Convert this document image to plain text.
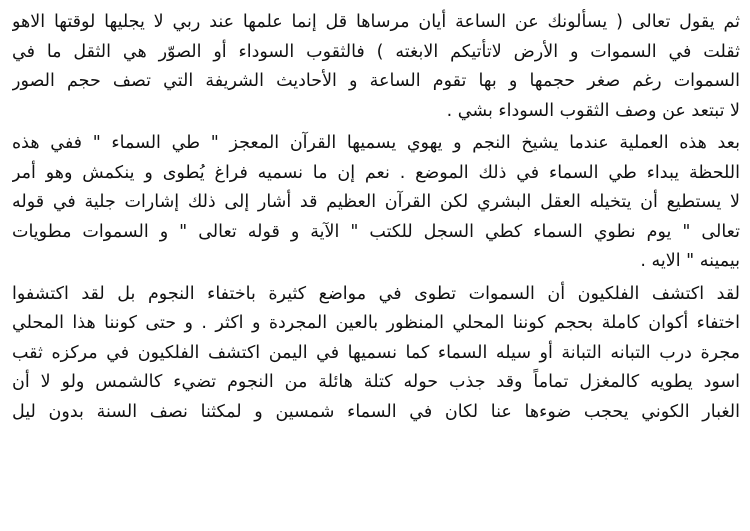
ثم يقول تعالى ( يسألونك عن الساعة أيان مرساها قل إنما علمها عند ربي لا يجليها لوقتها الاهو
ثقلت في السموات و الأرض لاتأتيكم الابغته ) فالثقوب السوداء أو الصوّر هي الثقل ما في
السموات رغم صغر حجمها و بها تقوم الساعة و الأحاديث الشريفة التي تصف حجم الصور
لا تبتعد عن وصف الثقوب السوداء بشي .
بعد هذه العملية عندما يشيخ النجم و يهوي يسميها القرآن المعجز " طي السماء " ففي هذه
اللحظة يبداء طي السماء في ذلك الموضع . نعم إن ما نسميه فراغ يُطوى و ينكمش وهو أمر
لا يستطيع أن يتخيله العقل البشري لكن القرآن العظيم قد أشار إلى ذلك إشارات جلية في قوله
تعالى " يوم نطوي السماء كطي السجل للكتب " الآية و قوله تعالى " و السموات مطويات
بيمينه " الايه .
لقد اكتشف الفلكيون أن السموات تطوى في مواضع كثيرة باختفاء النجوم بل لقد اكتشفوا
اختفاء أكوان كاملة بحجم كوننا المحلي المنظور بالعين المجردة و اكثر . و حتى كوننا هذا المحلي
مجرة درب التبانه التبانة أو سيله السماء كما نسميها في اليمن اكتشف الفلكيون في مركزه ثقب
اسود يطويه كالمغزل تماماً وقد جذب حوله كتلة هائلة من النجوم تضيء كالشمس ولو لا أن
الغبار الكوني يحجب ضوءها عنا لكان في السماء شمسين و لمكثنا نصف السنة بدون ليل
